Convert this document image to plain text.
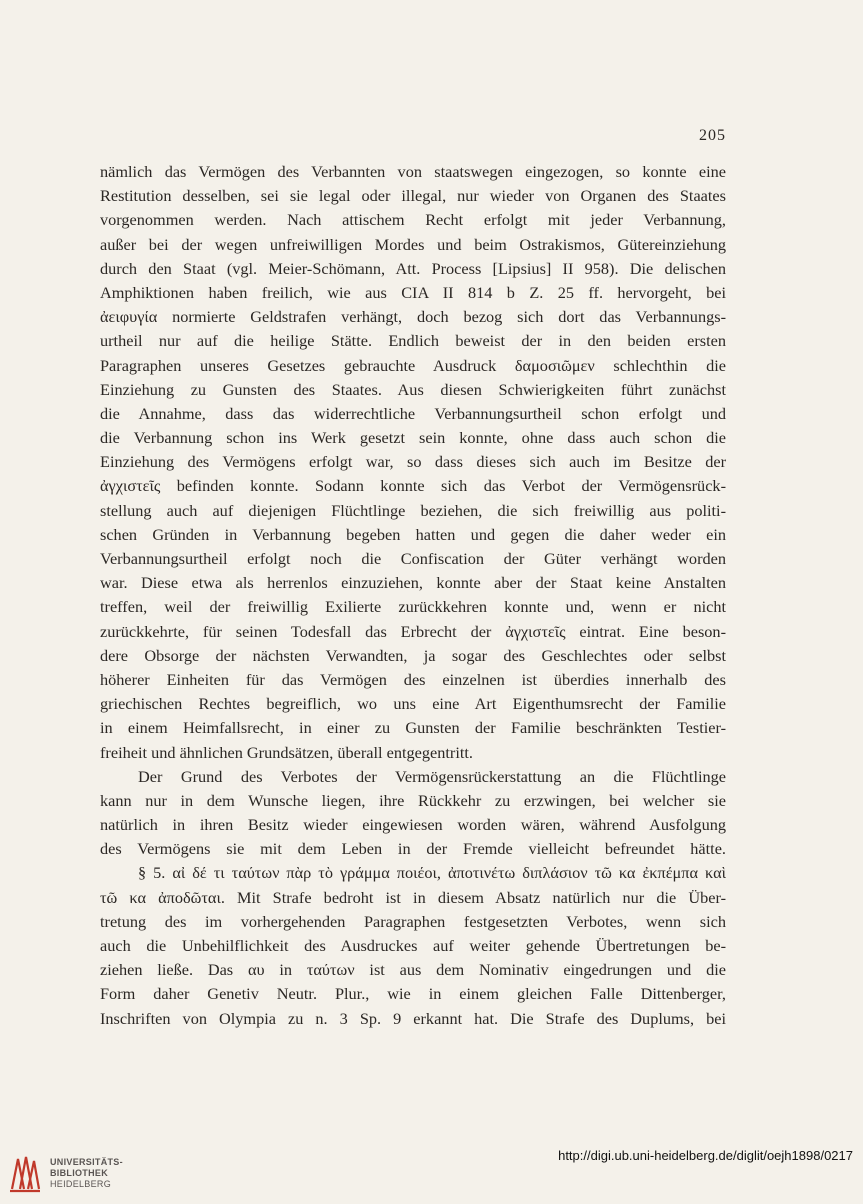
205
nämlich das Vermögen des Verbannten von staatswegen eingezogen, so konnte eine
Restitution desselben, sei sie legal oder illegal, nur wieder von Organen des Staates
vorgenommen werden. Nach attischem Recht erfolgt mit jeder Verbannung,
außer bei der wegen unfreiwilligen Mordes und beim Ostrakismos, Gütereinziehung
durch den Staat (vgl. Meier-Schömann, Att. Process [Lipsius] II 958). Die delischen
Amphiktionen haben freilich, wie aus CIA II 814 b Z. 25 ff. hervorgeht, bei
ἀειφυγία normierte Geldstrafen verhängt, doch bezog sich dort das Verbannungs-
urtheil nur auf die heilige Stätte. Endlich beweist der in den beiden ersten
Paragraphen unseres Gesetzes gebrauchte Ausdruck δαμοσιῶμεν schlechthin die
Einziehung zu Gunsten des Staates. Aus diesen Schwierigkeiten führt zunächst
die Annahme, dass das widerrechtliche Verbannungsurtheil schon erfolgt und
die Verbannung schon ins Werk gesetzt sein konnte, ohne dass auch schon die
Einziehung des Vermögens erfolgt war, so dass dieses sich auch im Besitze der
ἀγχιστεῖς befinden konnte. Sodann konnte sich das Verbot der Vermögensrück-
stellung auch auf diejenigen Flüchtlinge beziehen, die sich freiwillig aus politi-
schen Gründen in Verbannung begeben hatten und gegen die daher weder ein
Verbannungsurtheil erfolgt noch die Confiscation der Güter verhängt worden
war. Diese etwa als herrenlos einzuziehen, konnte aber der Staat keine Anstalten
treffen, weil der freiwillig Exilierte zurückkehren konnte und, wenn er nicht
zurückkehrte, für seinen Todesfall das Erbrecht der ἀγχιστεῖς eintrat. Eine beson-
dere Obsorge der nächsten Verwandten, ja sogar des Geschlechtes oder selbst
höherer Einheiten für das Vermögen des einzelnen ist überdies innerhalb des
griechischen Rechtes begreiflich, wo uns eine Art Eigenthumsrecht der Familie
in einem Heimfallsrecht, in einer zu Gunsten der Familie beschränkten Testier-
freiheit und ähnlichen Grundsätzen, überall entgegentritt.
Der Grund des Verbotes der Vermögensrückerstattung an die Flüchtlinge
kann nur in dem Wunsche liegen, ihre Rückkehr zu erzwingen, bei welcher sie
natürlich in ihren Besitz wieder eingewiesen worden wären, während Ausfolgung
des Vermögens sie mit dem Leben in der Fremde vielleicht befreundet hätte.
§ 5. αἰ δέ τι ταύτων πὰρ τὸ γράμμα ποιέοι, ἀποτινέτω διπλάσιον τῶ κα ἐκπέμπα καὶ
τῶ κα ἀποδῶται. Mit Strafe bedroht ist in diesem Absatz natürlich nur die Über-
tretung des im vorhergehenden Paragraphen festgesetzten Verbotes, wenn sich
auch die Unbehilflichkeit des Ausdruckes auf weiter gehende Übertretungen be-
ziehen ließe. Das αυ in ταύτων ist aus dem Nominativ eingedrungen und die
Form daher Genetiv Neutr. Plur., wie in einem gleichen Falle Dittenberger,
Inschriften von Olympia zu n. 3 Sp. 9 erkannt hat. Die Strafe des Duplums, bei
UNIVERSITÄTS-
BIBLIOTHEK
HEIDELBERG
http://digi.ub.uni-heidelberg.de/diglit/oejh1898/0217
